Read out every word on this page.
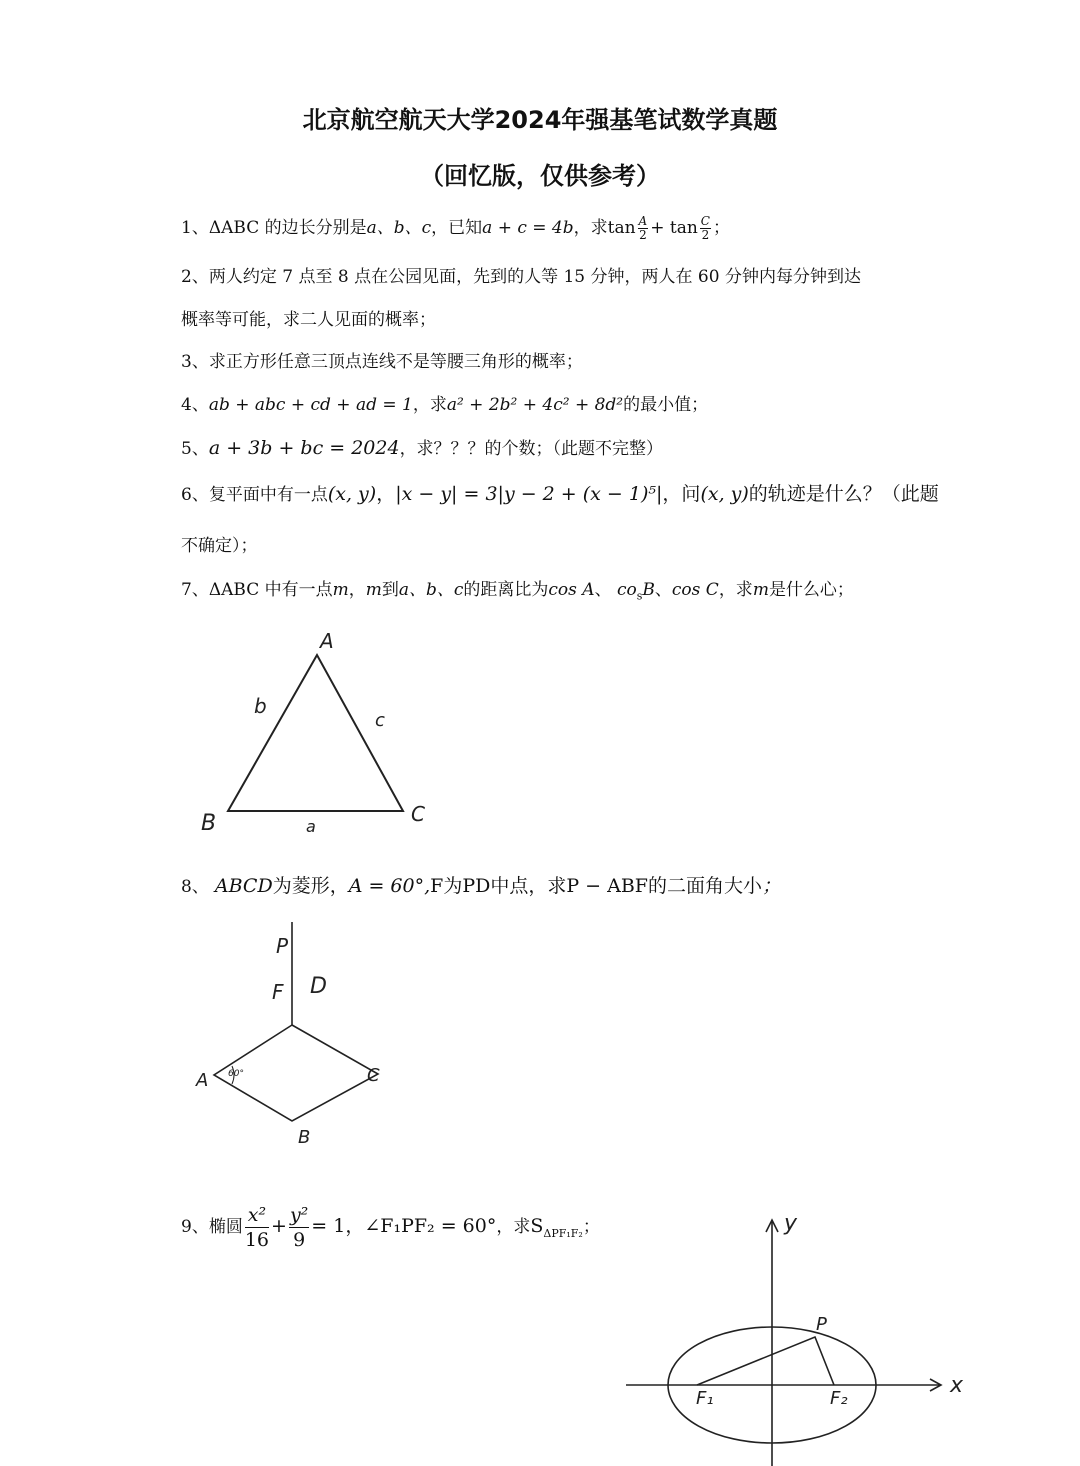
北京航空航天大学2024年强基笔试数学真题
（回忆版，仅供参考）
1、ΔABC 的边长分别是a、b、c，已知a + c = 4b，求$\tan \frac{A}{2} + \tan \frac{C}{2}$ ；
2、两人约定 7 点至 8 点在公园见面，先到的人等 15 分钟，两人在 60 分钟内每分钟到达
概率等可能，求二人见面的概率；
3、求正方形任意三顶点连线不是等腰三角形的概率；
4、ab + abc + cd + ad = 1，求a² + 2b² + 4c² + 8d²的最小值；
5、a + 3b + bc = 2024，求？？？的个数；（此题不完整）
6、复平面中有一点(x, y)，|x − y| = 3|y − 2 + (x − 1)⁵|，问(x, y)的轨迹是什么？（此题
不确定）；
7、ΔABC 中有一点m，m到a、b、c的距离比为cos A、 $co_sB$、cos C，求m是什么心；
A
B	C
a
b
c
8、 ABCD为菱形，A = 60°,F为PD中点，求P − ABF的二面角大小；
P
F D
A
B
C
60°
9、椭圆 $\frac{\text{x²}}{16} + \frac{\text{y²}}{9} = 1$，∠F₁PF₂ = 60°，求$S_{\Delta PF_1F_2}$；
x
y
P
F₁	F₂
